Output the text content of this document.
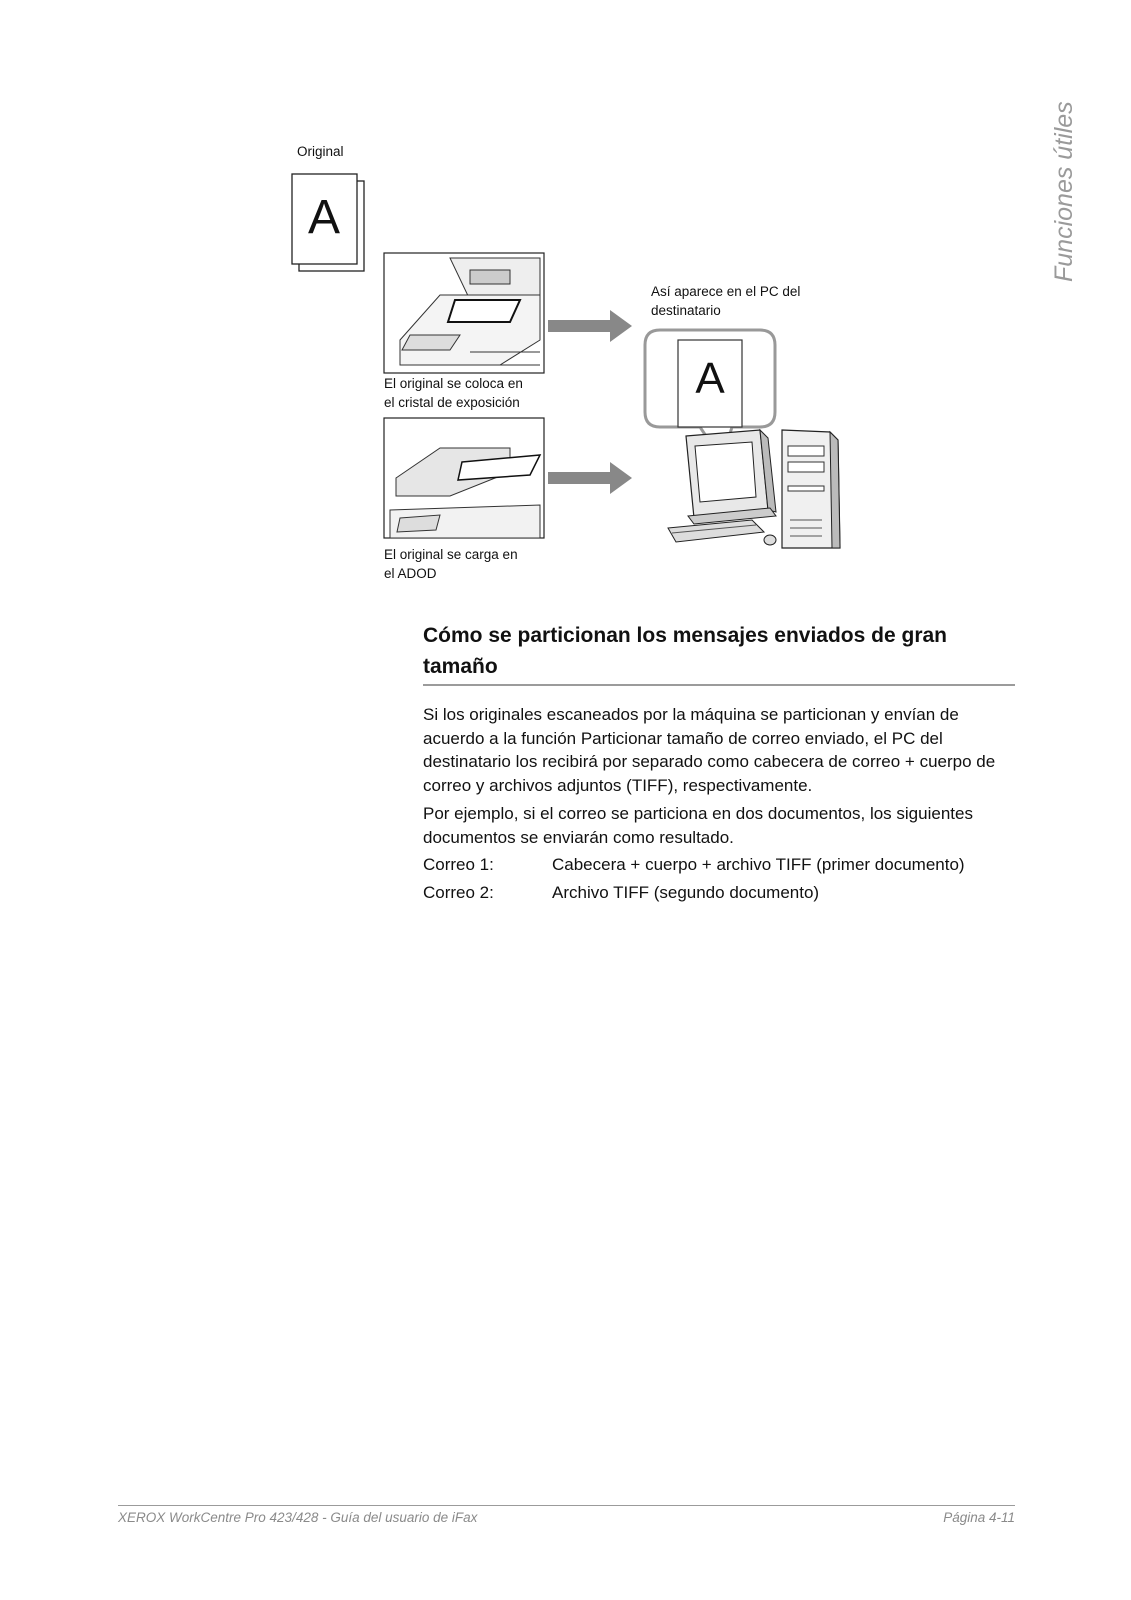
Funciones útiles
Original
Así aparece en el PC del
destinatario
El original se coloca en
el cristal de exposición
El original se carga en
el ADOD
A
A
Cómo se particionan los mensajes enviados de gran tamaño

Si los originales escaneados por la máquina se particionan y envían de acuerdo a la función Particionar tamaño de correo enviado, el PC del destinatario los recibirá por separado como cabecera de correo + cuerpo de correo y archivos adjuntos (TIFF), respectivamente.

Por ejemplo, si el correo se particiona en dos documentos, los siguientes documentos se enviarán como resultado.

Correo 1:	Cabecera + cuerpo + archivo TIFF (primer documento)
Correo 2:	Archivo TIFF (segundo documento)
XEROX WorkCentre Pro 423/428 - Guía del usuario de iFax	Página 4-11
